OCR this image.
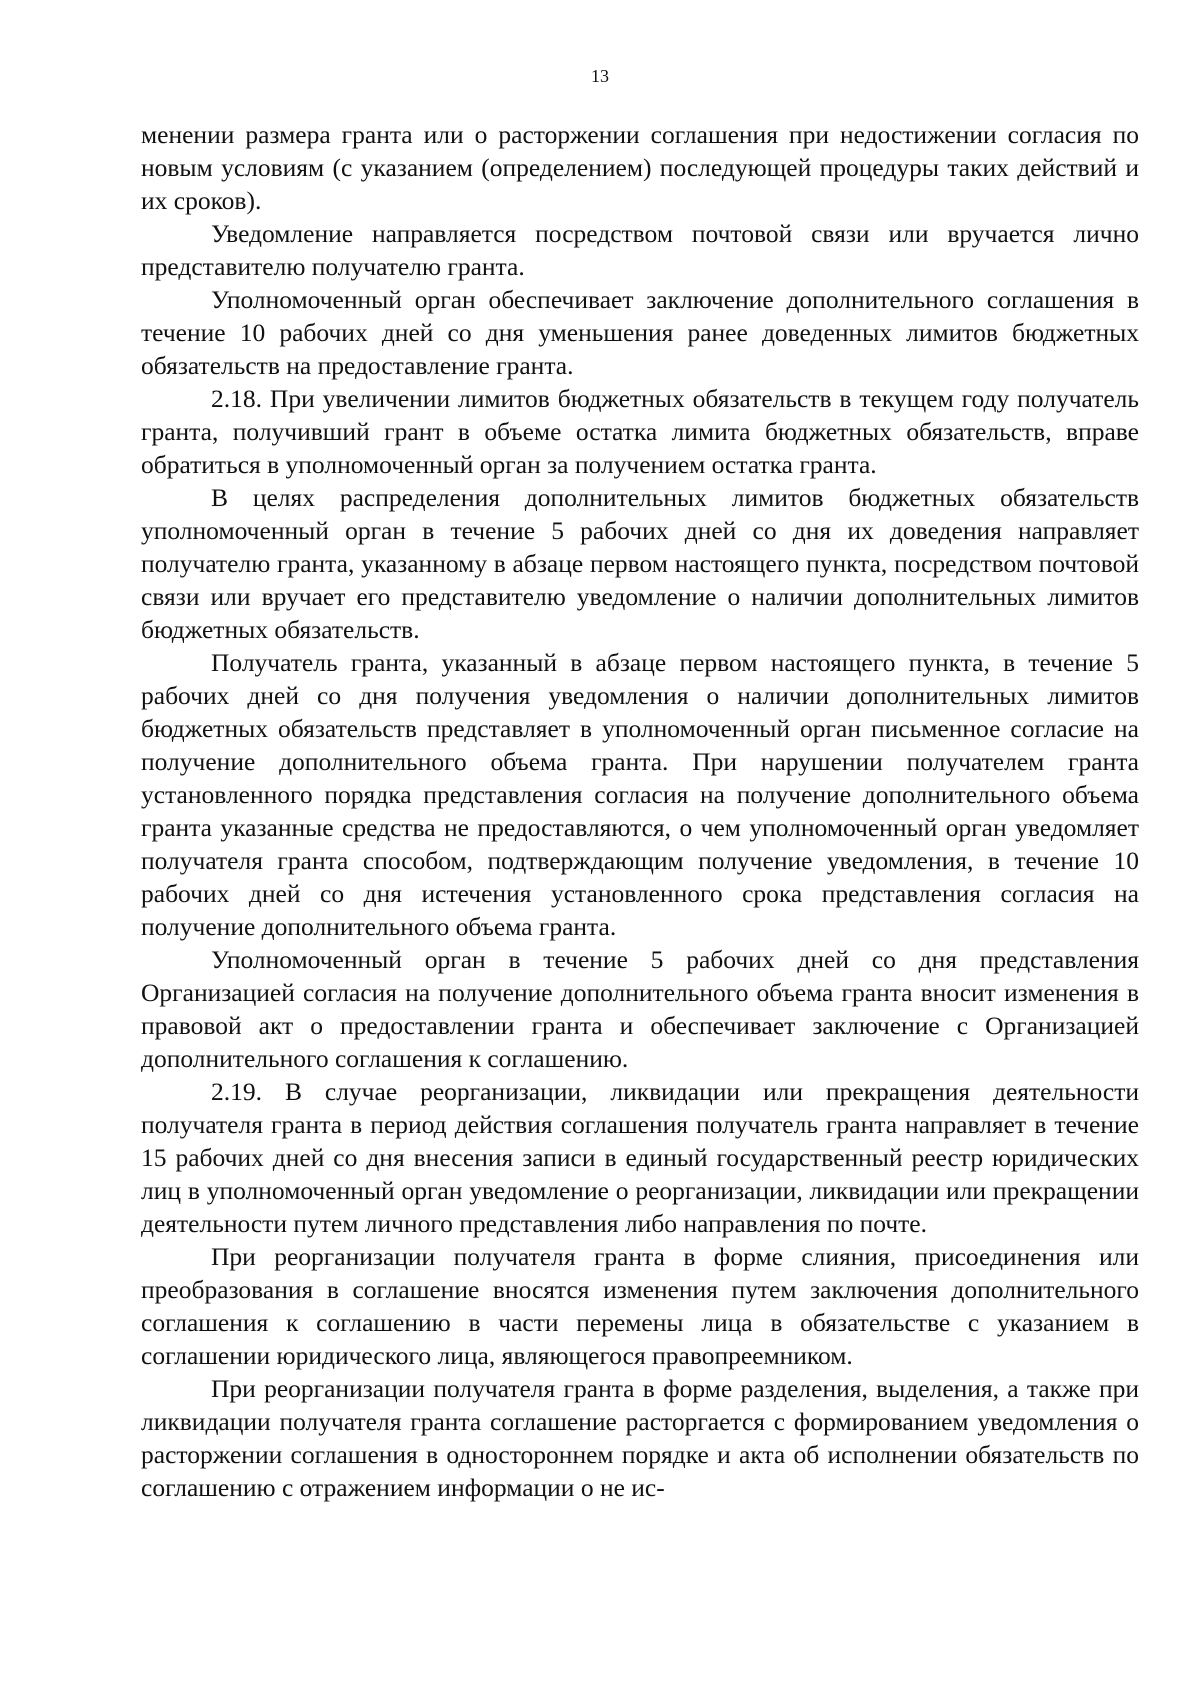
13

менении размера гранта или о расторжении соглашения при недостижении согласия по новым условиям (с указанием (определением) последующей процедуры таких действий и их сроков).

Уведомление направляется посредством почтовой связи или вручается лично представителю получателю гранта.

Уполномоченный орган обеспечивает заключение дополнительного соглашения в течение 10 рабочих дней со дня уменьшения ранее доведенных лимитов бюджетных обязательств на предоставление гранта.

2.18. При увеличении лимитов бюджетных обязательств в текущем году получатель гранта, получивший грант в объеме остатка лимита бюджетных обязательств, вправе обратиться в уполномоченный орган за получением остатка гранта.

В целях распределения дополнительных лимитов бюджетных обязательств уполномоченный орган в течение 5 рабочих дней со дня их доведения направляет получателю гранта, указанному в абзаце первом настоящего пункта, посредством почтовой связи или вручает его представителю уведомление о наличии дополнительных лимитов бюджетных обязательств.

Получатель гранта, указанный в абзаце первом настоящего пункта, в течение 5 рабочих дней со дня получения уведомления о наличии дополнительных лимитов бюджетных обязательств представляет в уполномоченный орган письменное согласие на получение дополнительного объема гранта. При нарушении получателем гранта установленного порядка представления согласия на получение дополнительного объема гранта указанные средства не предоставляются, о чем уполномоченный орган уведомляет получателя гранта способом, подтверждающим получение уведомления, в течение 10 рабочих дней со дня истечения установленного срока представления согласия на получение дополнительного объема гранта.

Уполномоченный орган в течение 5 рабочих дней со дня представления Организацией согласия на получение дополнительного объема гранта вносит изменения в правовой акт о предоставлении гранта и обеспечивает заключение с Организацией дополнительного соглашения к соглашению.

2.19. В случае реорганизации, ликвидации или прекращения деятельности получателя гранта в период действия соглашения получатель гранта направляет в течение 15 рабочих дней со дня внесения записи в единый государственный реестр юридических лиц в уполномоченный орган уведомление о реорганизации, ликвидации или прекращении деятельности путем личного представления либо направления по почте.

При реорганизации получателя гранта в форме слияния, присоединения или преобразования в соглашение вносятся изменения путем заключения дополнительного соглашения к соглашению в части перемены лица в обязательстве с указанием в соглашении юридического лица, являющегося правопреемником.

При реорганизации получателя гранта в форме разделения, выделения, а также при ликвидации получателя гранта соглашение расторгается с формированием уведомления о расторжении соглашения в одностороннем порядке и акта об исполнении обязательств по соглашению с отражением информации о не ис-
